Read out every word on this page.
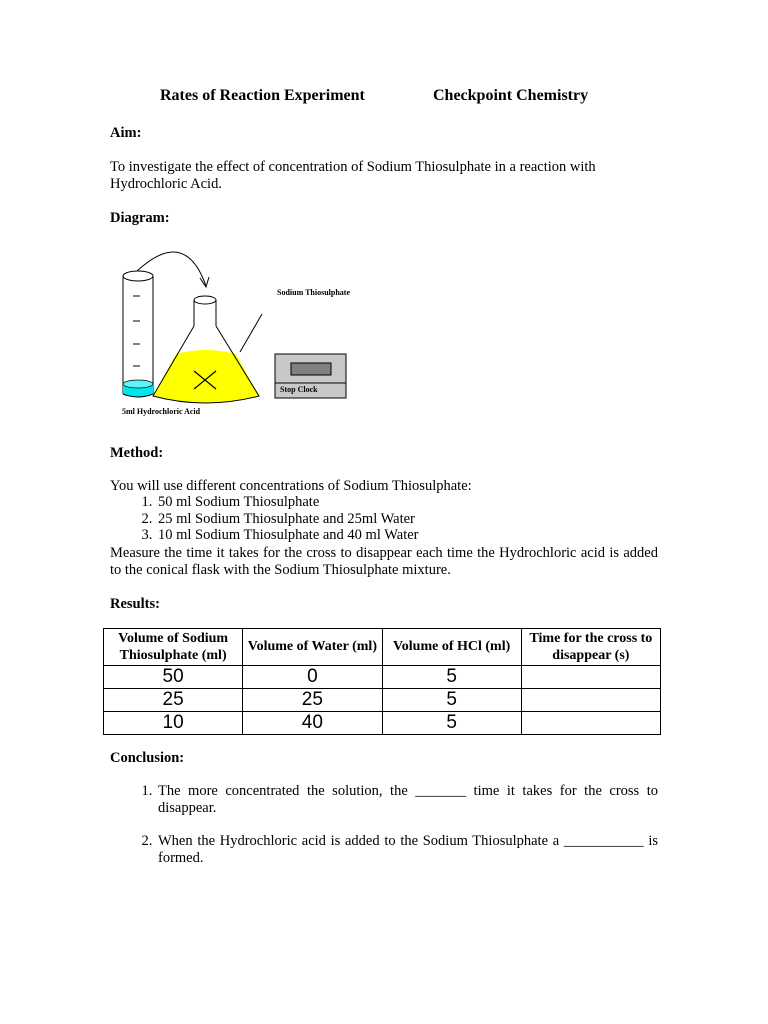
Rates of Reaction Experiment	Checkpoint Chemistry
Aim:
To investigate the effect of concentration of Sodium Thiosulphate in a reaction with Hydrochloric Acid.
Diagram:
Sodium Thiosulphate
Stop Clock
5ml Hydrochloric Acid
Method:
You will use different concentrations of Sodium Thiosulphate:
1. 50 ml Sodium Thiosulphate
2. 25 ml Sodium Thiosulphate and 25ml Water
3. 10 ml Sodium Thiosulphate and 40 ml Water
Measure the time it takes for the cross to disappear each time the Hydrochloric acid is added to the conical flask with the Sodium Thiosulphate mixture.
Results:
Volume of Sodium Thiosulphate (ml)	Volume of Water (ml)	Volume of HCl (ml)	Time for the cross to disappear (s)
50	0	5	
25	25	5	
10	40	5	
Conclusion:
1. The more concentrated the solution, the _______ time it takes for the cross to disappear.
2. When the Hydrochloric acid is added to the Sodium Thiosulphate a ___________ is formed.
